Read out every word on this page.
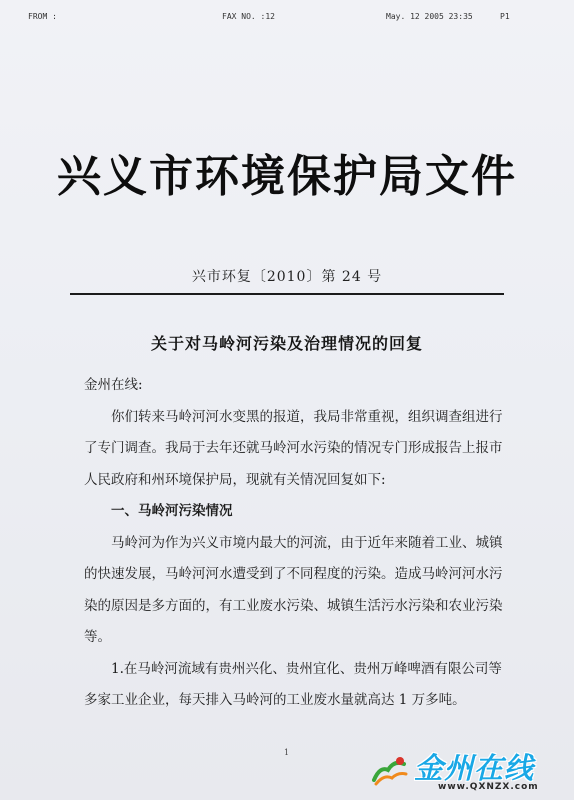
FROM :	FAX NO. :12	May. 12 2005 23:35	P1
兴义市环境保护局文件
兴市环复〔2010〕第 24 号
关于对马岭河污染及治理情况的回复

金州在线:

你们转来马岭河河水变黑的报道，我局非常重视，组织调查组进行了专门调查。我局于去年还就马岭河水污染的情况专门形成报告上报市人民政府和州环境保护局，现就有关情况回复如下:

一、马岭河污染情况

马岭河为作为兴义市境内最大的河流，由于近年来随着工业、城镇的快速发展，马岭河河水遭受到了不同程度的污染。造成马岭河河水污染的原因是多方面的，有工业废水污染、城镇生活污水污染和农业污染等。

1.在马岭河流域有贵州兴化、贵州宜化、贵州万峰啤酒有限公司等多家工业企业，每天排入马岭河的工业废水量就高达 1 万多吨。

1	金州在线
www.QXNZX.com
